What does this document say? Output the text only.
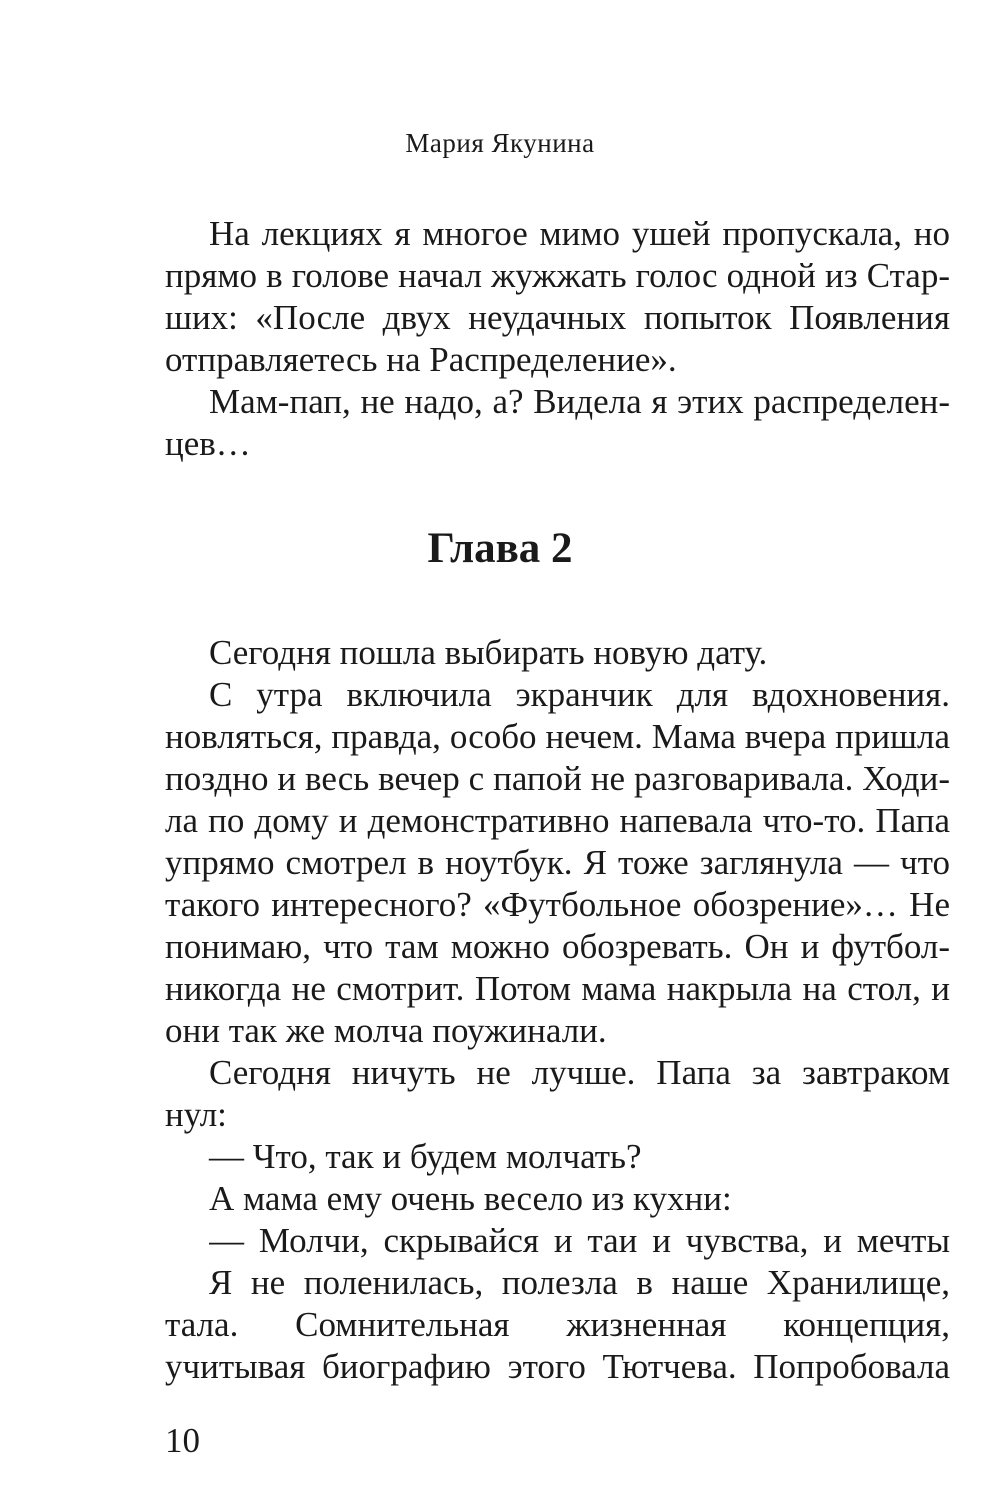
Мария Якунина
На лекциях я многое мимо ушей пропускала, но
прямо в голове начал жужжать голос одной из Стар-
ших: «После двух неудачных попыток Появления
отправляетесь на Распределение».
Мам-пап, не надо, а? Видела я этих распределен-
цев…
Глава 2
Сегодня пошла выбирать новую дату.
С утра включила экранчик для вдохновения.
новляться, правда, особо нечем. Мама вчера пришла
поздно и весь вечер с папой не разговаривала. Ходи-
ла по дому и демонстративно напевала что-то. Папа
упрямо смотрел в ноутбук. Я тоже заглянула — что
такого интересного? «Футбольное обозрение»… Не
понимаю, что там можно обозревать. Он и футбол-
никогда не смотрит. Потом мама накрыла на стол, и
они так же молча поужинали.
Сегодня ничуть не лучше. Папа за завтраком
нул:
— Что, так и будем молчать?
А мама ему очень весело из кухни:
— Молчи, скрывайся и таи и чувства, и мечты
Я не поленилась, полезла в наше Хранилище,
тала. Сомнительная жизненная концепция,
учитывая биографию этого Тютчева. Попробовала
10
